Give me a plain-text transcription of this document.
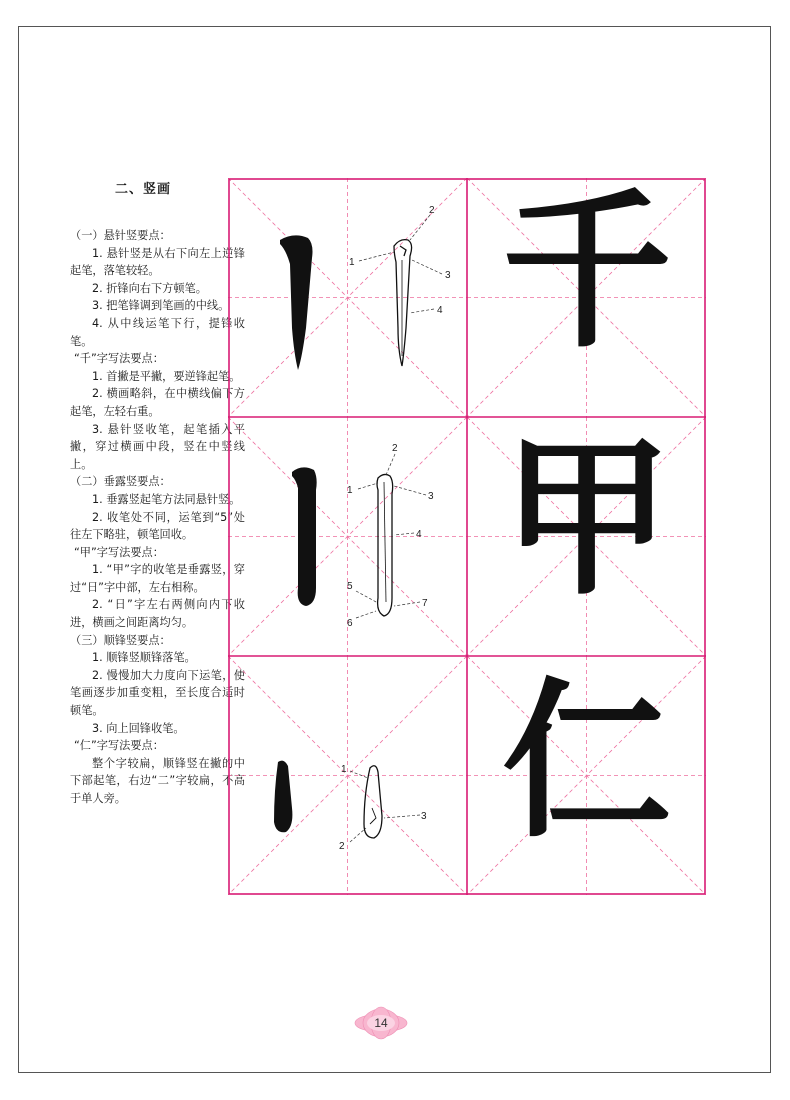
二、竖画

（一）悬针竖要点：

1. 悬针竖是从右下向左上逆锋起笔，落笔较轻。

2. 折锋向右下方顿笔。

3. 把笔锋调到笔画的中线。

4. 从中线运笔下行，提锋收笔。

“千”字写法要点：

1. 首撇是平撇，要逆锋起笔。

2. 横画略斜，在中横线偏下方起笔，左轻右重。

3. 悬针竖收笔，起笔插入平撇，穿过横画中段，竖在中竖线上。

（二）垂露竖要点：

1. 垂露竖起笔方法同悬针竖。

2. 收笔处不同，运笔到“5”处往左下略驻，顿笔回收。

“甲”字写法要点：

1. “甲”字的收笔是垂露竖，穿过“日”字中部，左右相称。

2. “日”字左右两侧向内下收进，横画之间距离均匀。

（三）顺锋竖要点：

1. 顺锋竖顺锋落笔。

2. 慢慢加大力度向下运笔，使笔画逐步加重变粗，至长度合适时顿笔。

3. 向上回锋收笔。

“仁”字写法要点：

整个字较扁，顺锋竖在撇的中下部起笔，右边“二”字较扁，不高于单人旁。

1
2
3
4 千
1
2
3
4
5
6
7 甲
1
3
2 仁
14
